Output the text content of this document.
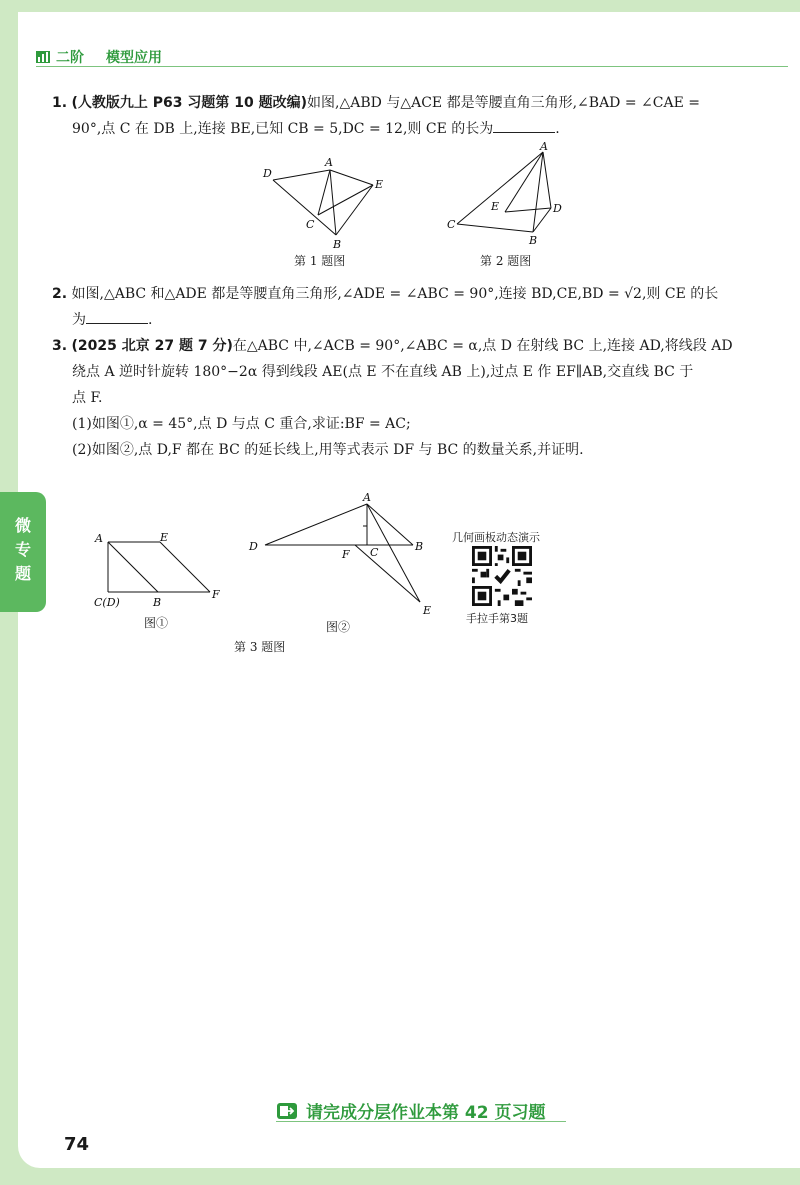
二阶 模型应用
1. (人教版九上 P63 习题第 10 题改编)如图,△ABD 与△ACE 都是等腰直角三角形,∠BAD = ∠CAE =
90°,点 C 在 DB 上,连接 BE,已知 CB = 5,DC = 12,则 CE 的长为	.
D
A
E
C
B
第 1 题图
A
E	D
C
B
第 2 题图
2. 如图,△ABC 和△ADE 都是等腰直角三角形,∠ADE = ∠ABC = 90°,连接 BD,CE,BD = √2,则 CE 的长
为	.
3. (2025 北京 27 题 7 分)在△ABC 中,∠ACB = 90°,∠ABC = α,点 D 在射线 BC 上,连接 AD,将线段 AD
绕点 A 逆时针旋转 180°−2α 得到线段 AE(点 E 不在直线 AB 上),过点 E 作 EF∥AB,交直线 BC 于
点 F.
(1)如图①,α = 45°,点 D 与点 C 重合,求证:BF = AC;
(2)如图②,点 D,F 都在 BC 的延长线上,用等式表示 DF 与 BC 的数量关系,并证明.
A	E
F
C(D)	B
图①
A
D
F C	B
E
图②
第 3 题图
几何画板动态演示
手拉手第3题
微
专
题
请完成分层作业本第 42 页习题
74
